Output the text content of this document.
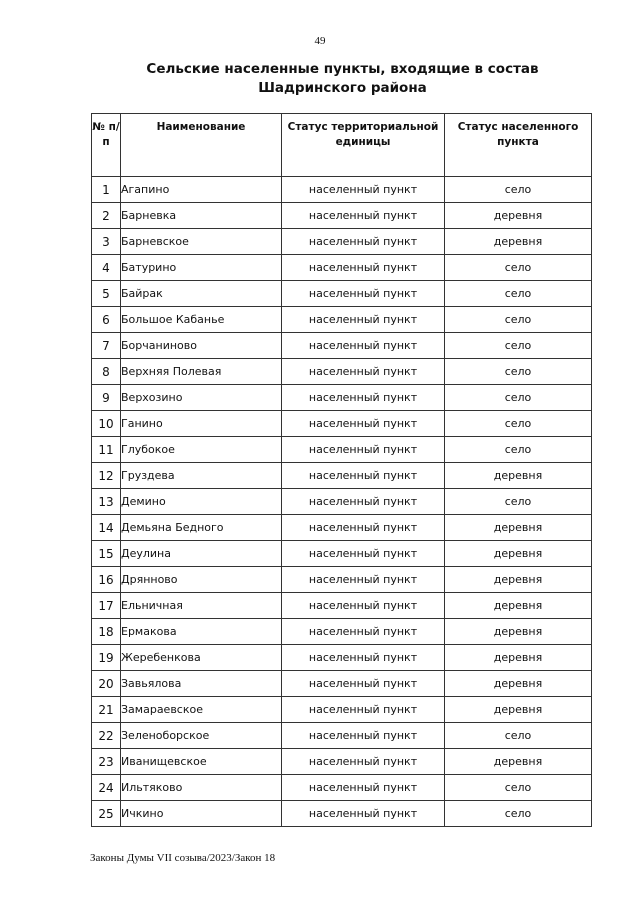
49
Сельские населенные пункты, входящие в состав
Шадринского района
№ п/п	Наименование	Статус территориальной единицы	Статус населенного пункта
1	Агапино	населенный пункт	село
2	Барневка	населенный пункт	деревня
3	Барневское	населенный пункт	деревня
4	Батурино	населенный пункт	село
5	Байрак	населенный пункт	село
6	Большое Кабанье	населенный пункт	село
7	Борчаниново	населенный пункт	село
8	Верхняя Полевая	населенный пункт	село
9	Верхозино	населенный пункт	село
10	Ганино	населенный пункт	село
11	Глубокое	населенный пункт	село
12	Груздева	населенный пункт	деревня
13	Демино	населенный пункт	село
14	Демьяна Бедного	населенный пункт	деревня
15	Деулина	населенный пункт	деревня
16	Дрянново	населенный пункт	деревня
17	Ельничная	населенный пункт	деревня
18	Ермакова	населенный пункт	деревня
19	Жеребенкова	населенный пункт	деревня
20	Завьялова	населенный пункт	деревня
21	Замараевское	населенный пункт	деревня
22	Зеленоборское	населенный пункт	село
23	Иванищевское	населенный пункт	деревня
24	Ильтяково	населенный пункт	село
25	Ичкино	населенный пункт	село
Законы Думы VII созыва/2023/Закон 18
